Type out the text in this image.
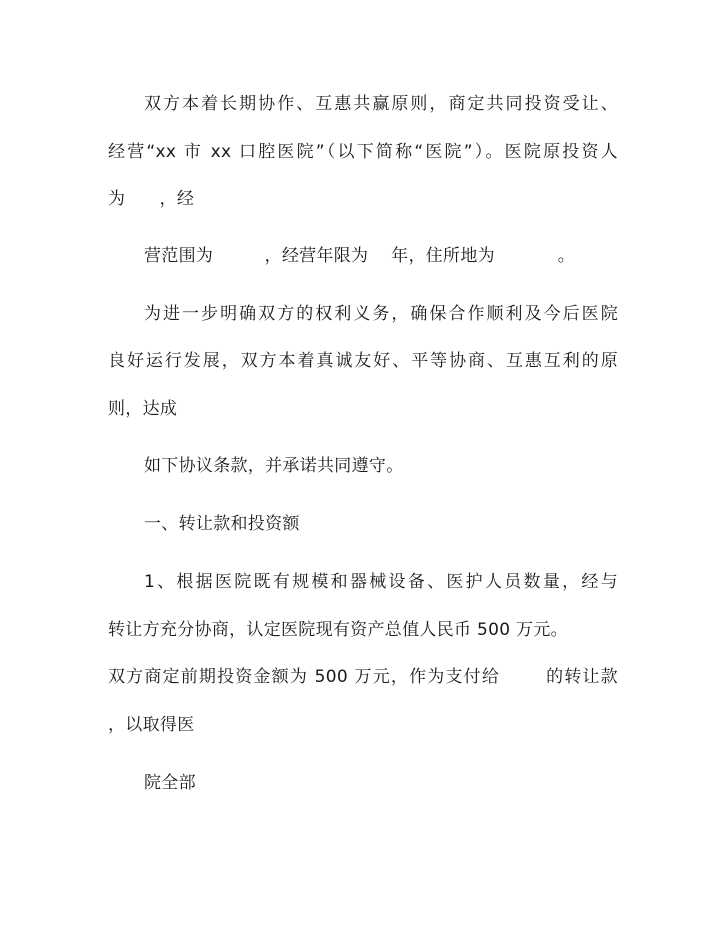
双方本着长期协作、互惠共赢原则，商定共同投资受让、

经营“xx 市 xx 口腔医院”（以下简称“医院”）。医院原投资人

为      ，经

营范围为         ，经营年限为    年，住所地为           。

为进一步明确双方的权利义务，确保合作顺利及今后医院

良好运行发展，双方本着真诚友好、平等协商、互惠互利的原

则，达成

如下协议条款，并承诺共同遵守。

一、转让款和投资额

1、根据医院既有规模和器械设备、医护人员数量，经与

转让方充分协商，认定医院现有资产总值人民币 500 万元。

双方商定前期投资金额为 500 万元，作为支付给       的转让款

，以取得医

院全部
